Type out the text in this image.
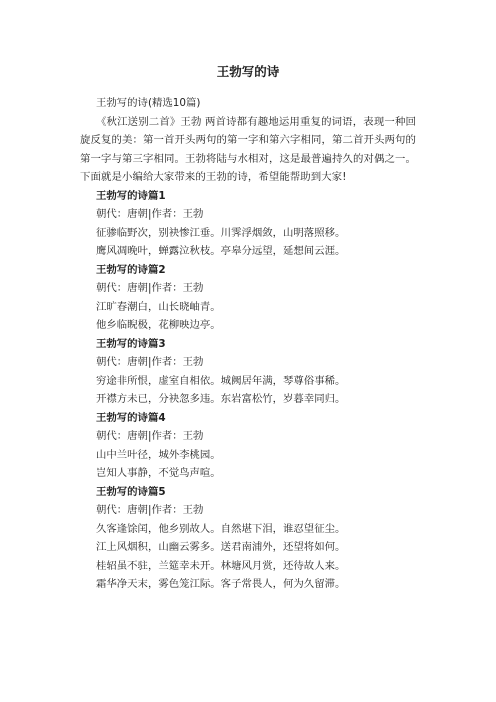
王勃写的诗
王勃写的诗(精选10篇)
《秋江送别二首》王勃 两首诗都有趣地运用重复的词语，表现一种回旋反复的美：第一首开头两句的第一字和第六字相同，第二首开头两句的第一字与第三字相同。王勃将陆与水相对，这是最普遍持久的对偶之一。下面就是小编给大家带来的王勃的诗，希望能帮助到大家!
王勃写的诗篇1
朝代：唐朝|作者：王勃
征骖临野次，别袂惨江垂。川霁浮烟敛，山明落照移。
鹰风凋晚叶，蝉露泣秋枝。亭皋分远望，延想间云涯。
王勃写的诗篇2
朝代：唐朝|作者：王勃
江旷春潮白，山长晓岫青。
他乡临睨极，花柳映边亭。
王勃写的诗篇3
朝代：唐朝|作者：王勃
穷途非所恨，虚室自相依。城阙居年满，琴尊俗事稀。
开襟方未已，分袂忽多违。东岩富松竹，岁暮幸同归。
王勃写的诗篇4
朝代：唐朝|作者：王勃
山中兰叶径，城外李桃园。
岂知人事静，不觉鸟声喧。
王勃写的诗篇5
朝代：唐朝|作者：王勃
久客逢馀闰，他乡别故人。自然堪下泪，谁忍望征尘。
江上风烟积，山幽云雾多。送君南浦外，还望将如何。
桂轺虽不驻，兰筵幸未开。林塘风月赏，还待故人来。
霜华净天末，雾色笼江际。客子常畏人，何为久留滞。
